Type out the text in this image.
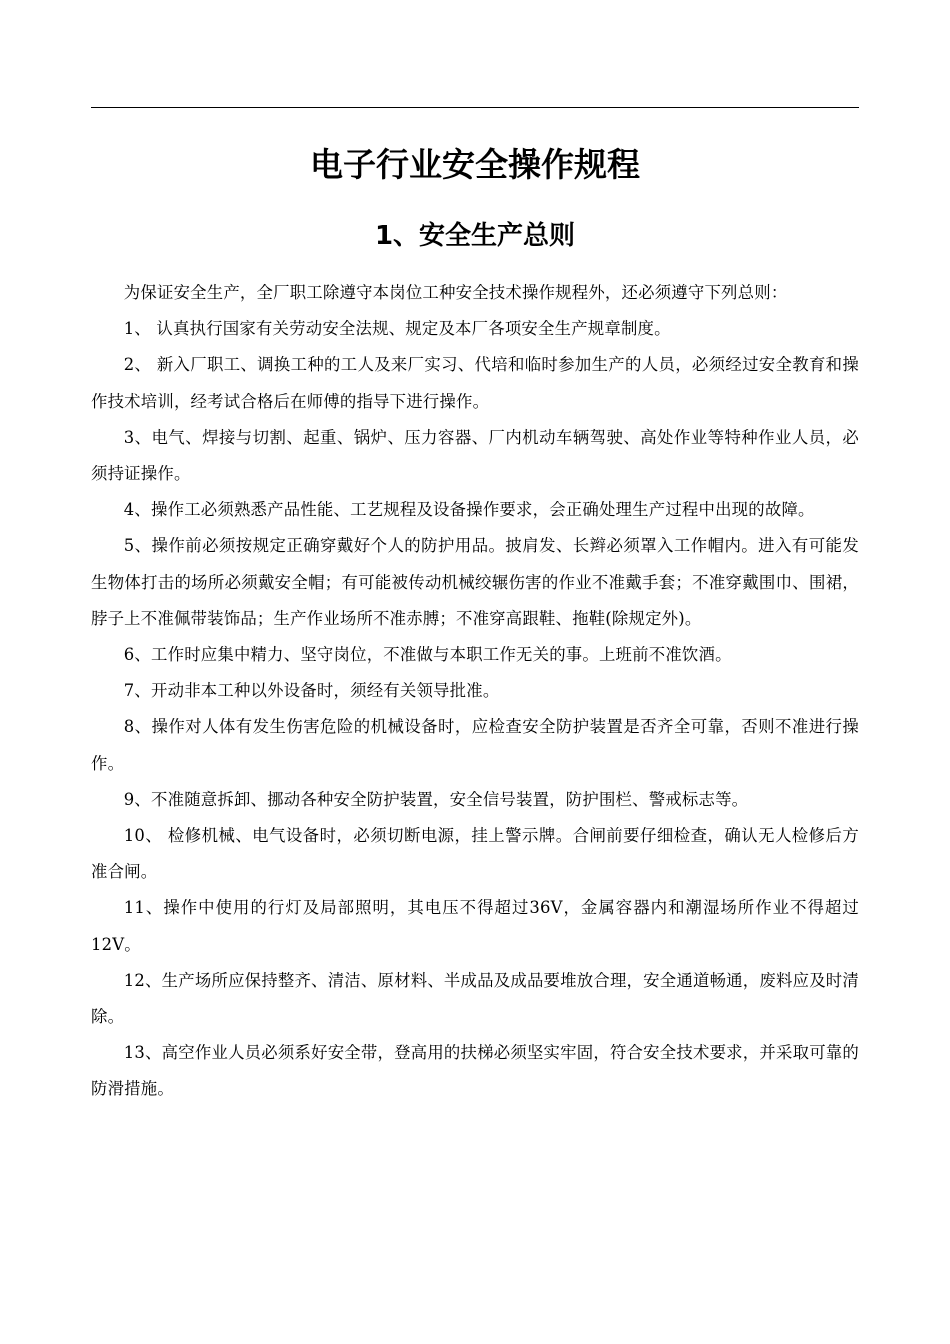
电子行业安全操作规程
1、安全生产总则

为保证安全生产，全厂职工除遵守本岗位工种安全技术操作规程外，还必须遵守下列总则：

1、 认真执行国家有关劳动安全法规、规定及本厂各项安全生产规章制度。

2、 新入厂职工、调换工种的工人及来厂实习、代培和临时参加生产的人员，必须经过安全教育和操作技术培训，经考试合格后在师傅的指导下进行操作。

3、电气、焊接与切割、起重、锅炉、压力容器、厂内机动车辆驾驶、高处作业等特种作业人员，必须持证操作。

4、操作工必须熟悉产品性能、工艺规程及设备操作要求，会正确处理生产过程中出现的故障。

5、操作前必须按规定正确穿戴好个人的防护用品。披肩发、长辫必须罩入工作帽内。进入有可能发生物体打击的场所必须戴安全帽；有可能被传动机械绞辗伤害的作业不准戴手套；不准穿戴围巾、围裙，脖子上不准佩带装饰品；生产作业场所不准赤膊；不准穿高跟鞋、拖鞋(除规定外)。

6、工作时应集中精力、坚守岗位，不准做与本职工作无关的事。上班前不准饮酒。

7、开动非本工种以外设备时，须经有关领导批准。

8、操作对人体有发生伤害危险的机械设备时，应检查安全防护装置是否齐全可靠，否则不准进行操作。

9、不准随意拆卸、挪动各种安全防护装置，安全信号装置，防护围栏、警戒标志等。

10、 检修机械、电气设备时，必须切断电源，挂上警示牌。合闸前要仔细检查，确认无人检修后方准合闸。

11、操作中使用的行灯及局部照明，其电压不得超过36V，金属容器内和潮湿场所作业不得超过12V。

12、生产场所应保持整齐、清洁、原材料、半成品及成品要堆放合理，安全通道畅通，废料应及时清除。

13、高空作业人员必须系好安全带，登高用的扶梯必须坚实牢固，符合安全技术要求，并采取可靠的防滑措施。
